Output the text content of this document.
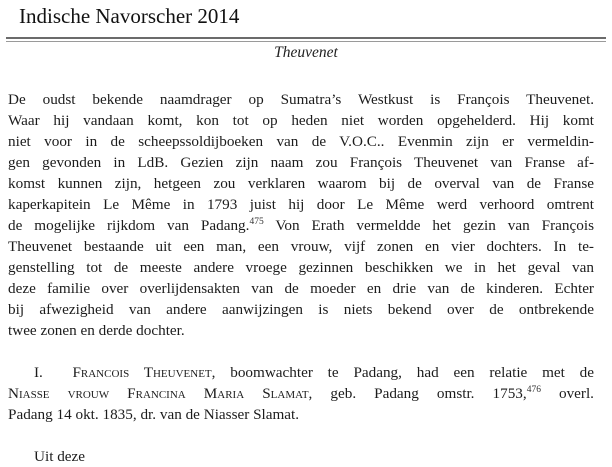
Indische Navorscher 2014
Theuvenet
De oudst bekende naamdrager op Sumatra’s Westkust is François Theuvenet.
Waar hij vandaan komt, kon tot op heden niet worden opgehelderd. Hij komt
niet voor in de scheepssoldijboeken van de V.O.C.. Evenmin zijn er vermeldin-
gen gevonden in LdB. Gezien zijn naam zou François Theuvenet van Franse af-
komst kunnen zijn, hetgeen zou verklaren waarom bij de overval van de Franse
kaperkapitein Le Même in 1793 juist hij door Le Même werd verhoord omtrent
de mogelijke rijkdom van Padang.$^{475}$ Von Erath vermeldde het gezin van François
Theuvenet bestaande uit een man, een vrouw, vijf zonen en vier dochters. In te-
genstelling tot de meeste andere vroege gezinnen beschikken we in het geval van
deze familie over overlijdensakten van de moeder en drie van de kinderen. Echter
bij afwezigheid van andere aanwijzingen is niets bekend over de ontbrekende
twee zonen en derde dochter.
I. Francois Theuvenet, boomwachter te Padang, had een relatie met de
Niasse vrouw Francina Maria Slamat, geb. Padang omstr. 1753,$^{476}$ overl.
Padang 14 okt. 1835, dr. van de Niasser Slamat.
Uit deze
